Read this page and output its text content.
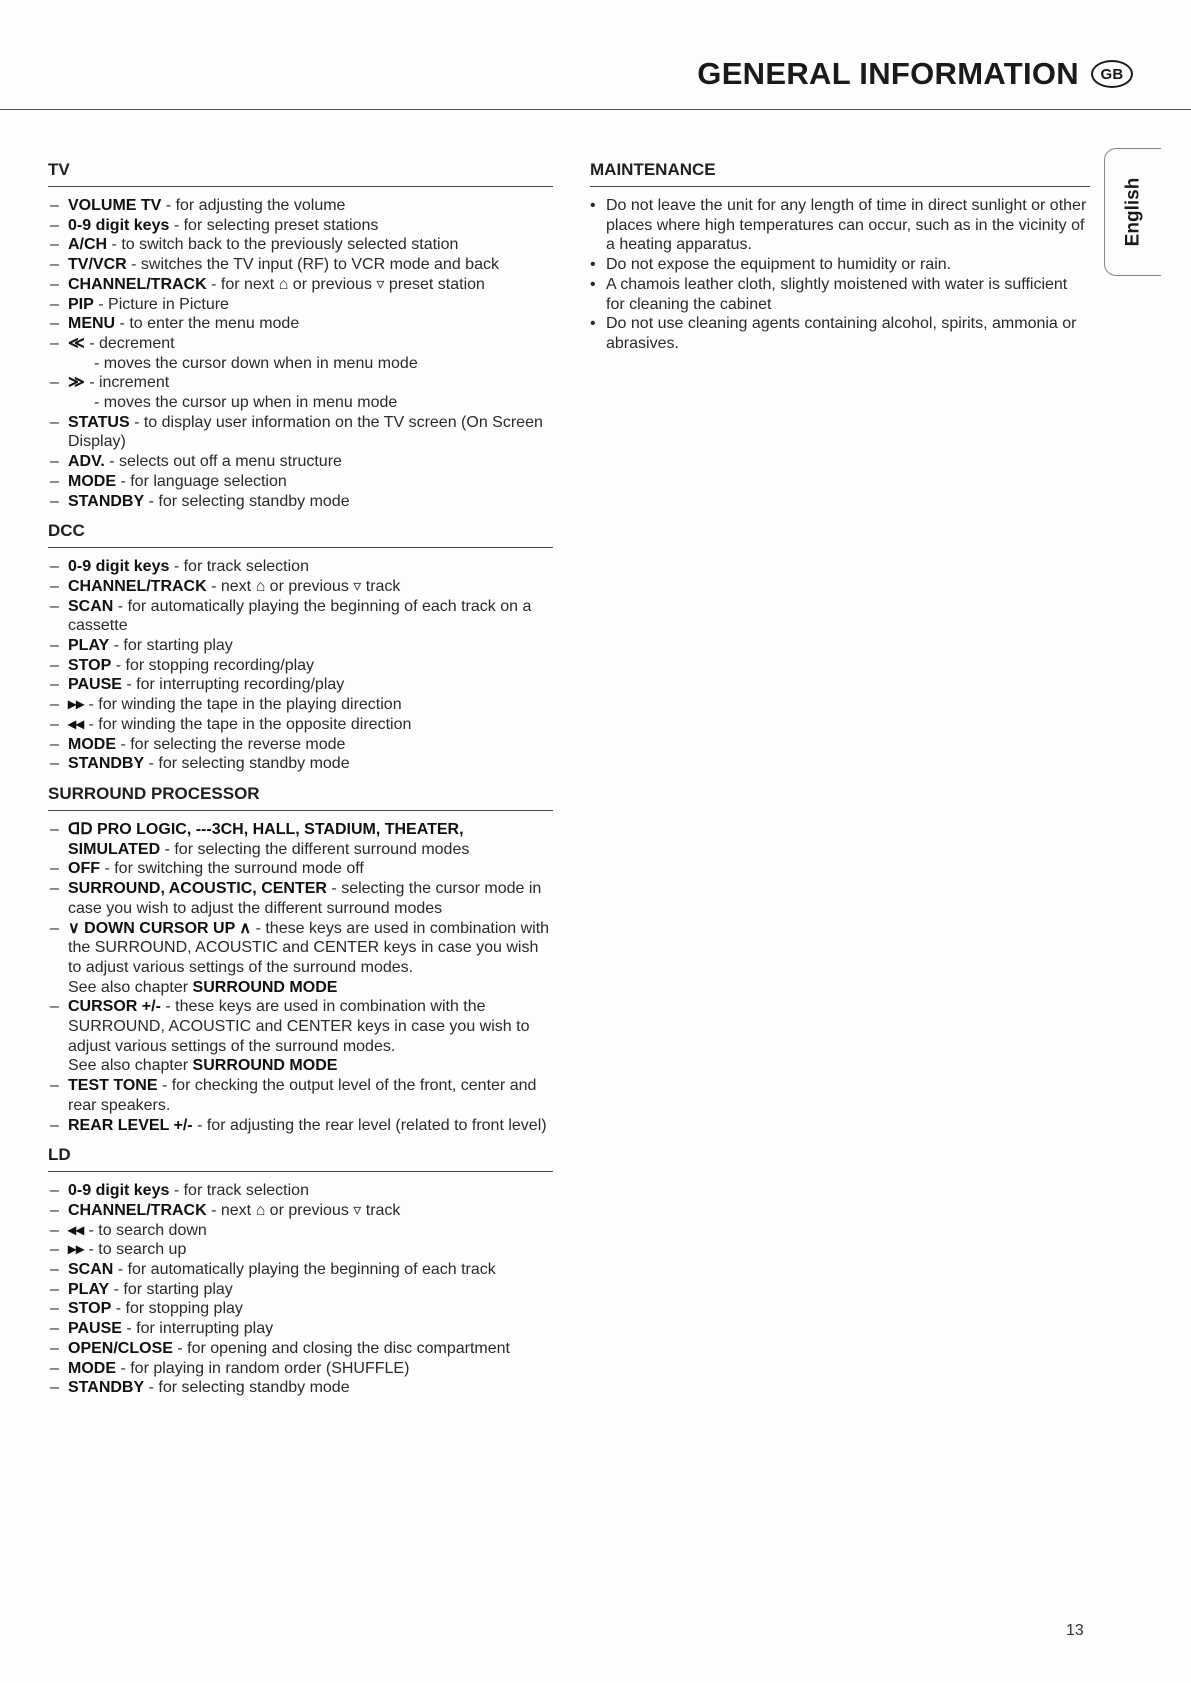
GENERAL INFORMATION	GB
TV
– VOLUME TV - for adjusting the volume
– 0-9 digit keys - for selecting preset stations
– A/CH - to switch back to the previously selected station
– TV/VCR - switches the TV input (RF) to VCR mode and back
– CHANNEL/TRACK - for next ⌂ or previous ▿ preset station
– PIP - Picture in Picture
– MENU - to enter the menu mode
– ≪ - decrement
- moves the cursor down when in menu mode
– ≫ - increment
- moves the cursor up when in menu mode
– STATUS - to display user information on the TV screen (On Screen Display)
– ADV. - selects out off a menu structure
– MODE - for language selection
– STANDBY - for selecting standby mode
DCC
– 0-9 digit keys - for track selection
– CHANNEL/TRACK - next ⌂ or previous ▿ track
– SCAN - for automatically playing the beginning of each track on a cassette
– PLAY - for starting play
– STOP - for stopping recording/play
– PAUSE - for interrupting recording/play
– ▸▸ - for winding the tape in the playing direction
– ◂◂ - for winding the tape in the opposite direction
– MODE - for selecting the reverse mode
– STANDBY - for selecting standby mode
SURROUND PROCESSOR
– ᗡᗞ PRO LOGIC, ---3CH, HALL, STADIUM, THEATER, SIMULATED - for selecting the different surround modes
– OFF - for switching the surround mode off
– SURROUND, ACOUSTIC, CENTER - selecting the cursor mode in case you wish to adjust the different surround modes
– ∨ DOWN CURSOR UP ∧ - these keys are used in combination with the SURROUND, ACOUSTIC and CENTER keys in case you wish to adjust various settings of the surround modes.
See also chapter SURROUND MODE
– CURSOR +/- - these keys are used in combination with the SURROUND, ACOUSTIC and CENTER keys in case you wish to adjust various settings of the surround modes.
See also chapter SURROUND MODE
– TEST TONE - for checking the output level of the front, center and rear speakers.
– REAR LEVEL +/- - for adjusting the rear level (related to front level)
LD
– 0-9 digit keys - for track selection
– CHANNEL/TRACK - next ⌂ or previous ▿ track
– ◂◂ - to search down
– ▸▸ - to search up
– SCAN - for automatically playing the beginning of each track
– PLAY - for starting play
– STOP - for stopping play
– PAUSE - for interrupting play
– OPEN/CLOSE - for opening and closing the disc compartment
– MODE - for playing in random order (SHUFFLE)
– STANDBY - for selecting standby mode
MAINTENANCE
• Do not leave the unit for any length of time in direct sunlight or other places where high temperatures can occur, such as in the vicinity of a heating apparatus.
• Do not expose the equipment to humidity or rain.
• A chamois leather cloth, slightly moistened with water is sufficient for cleaning the cabinet
• Do not use cleaning agents containing alcohol, spirits, ammonia or abrasives.
English
13
